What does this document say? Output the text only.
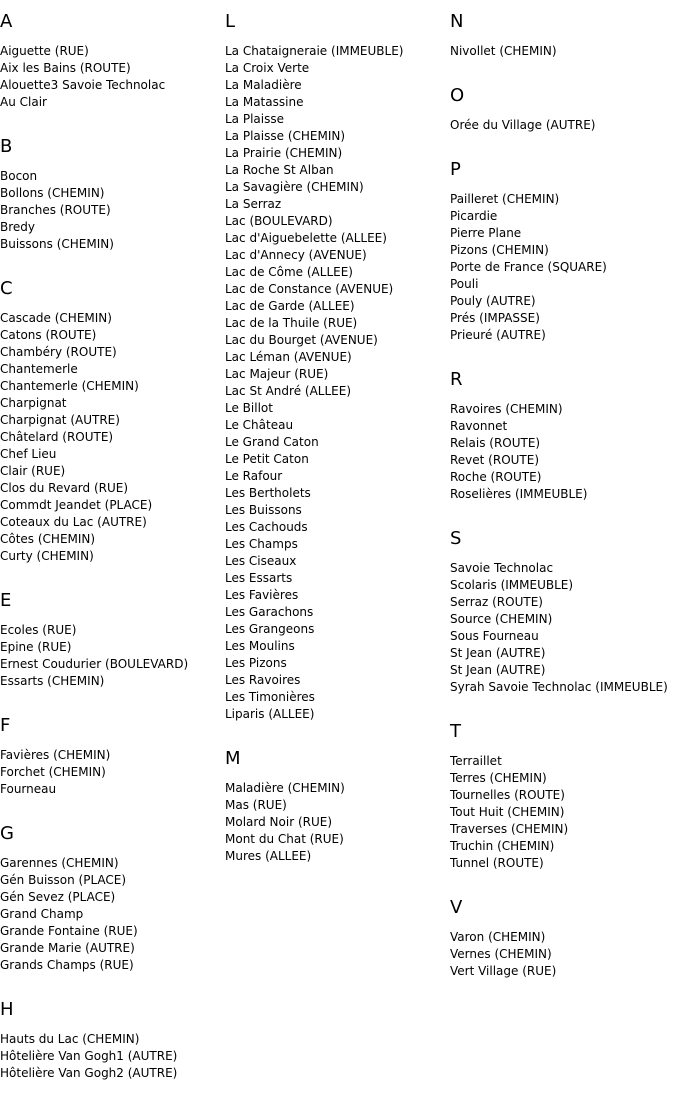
A
Aiguette (RUE)
Aix les Bains (ROUTE)
Alouette3 Savoie Technolac
Au Clair
B
Bocon
Bollons (CHEMIN)
Branches (ROUTE)
Bredy
Buissons (CHEMIN)
C
Cascade (CHEMIN)
Catons (ROUTE)
Chambéry (ROUTE)
Chantemerle
Chantemerle (CHEMIN)
Charpignat
Charpignat (AUTRE)
Châtelard (ROUTE)
Chef Lieu
Clair (RUE)
Clos du Revard (RUE)
Commdt Jeandet (PLACE)
Coteaux du Lac (AUTRE)
Côtes (CHEMIN)
Curty (CHEMIN)
E
Ecoles (RUE)
Epine (RUE)
Ernest Coudurier (BOULEVARD)
Essarts (CHEMIN)
F
Favières (CHEMIN)
Forchet (CHEMIN)
Fourneau
G
Garennes (CHEMIN)
Gén Buisson (PLACE)
Gén Sevez (PLACE)
Grand Champ
Grande Fontaine (RUE)
Grande Marie (AUTRE)
Grands Champs (RUE)
H
Hauts du Lac (CHEMIN)
Hôtelière Van Gogh1 (AUTRE)
Hôtelière Van Gogh2 (AUTRE)
L
La Chataigneraie (IMMEUBLE)
La Croix Verte
La Maladière
La Matassine
La Plaisse
La Plaisse (CHEMIN)
La Prairie (CHEMIN)
La Roche St Alban
La Savagière (CHEMIN)
La Serraz
Lac (BOULEVARD)
Lac d'Aiguebelette (ALLEE)
Lac d'Annecy (AVENUE)
Lac de Côme (ALLEE)
Lac de Constance (AVENUE)
Lac de Garde (ALLEE)
Lac de la Thuile (RUE)
Lac du Bourget (AVENUE)
Lac Léman (AVENUE)
Lac Majeur (RUE)
Lac St André (ALLEE)
Le Billot
Le Château
Le Grand Caton
Le Petit Caton
Le Rafour
Les Bertholets
Les Buissons
Les Cachouds
Les Champs
Les Ciseaux
Les Essarts
Les Favières
Les Garachons
Les Grangeons
Les Moulins
Les Pizons
Les Ravoires
Les Timonières
Liparis (ALLEE)
M
Maladière (CHEMIN)
Mas (RUE)
Molard Noir (RUE)
Mont du Chat (RUE)
Mures (ALLEE)
N
Nivollet (CHEMIN)
O
Orée du Village (AUTRE)
P
Pailleret (CHEMIN)
Picardie
Pierre Plane
Pizons (CHEMIN)
Porte de France (SQUARE)
Pouli
Pouly (AUTRE)
Prés (IMPASSE)
Prieuré (AUTRE)
R
Ravoires (CHEMIN)
Ravonnet
Relais (ROUTE)
Revet (ROUTE)
Roche (ROUTE)
Roselières (IMMEUBLE)
S
Savoie Technolac
Scolaris (IMMEUBLE)
Serraz (ROUTE)
Source (CHEMIN)
Sous Fourneau
St Jean (AUTRE)
St Jean (AUTRE)
Syrah Savoie Technolac (IMMEUBLE)
T
Terraillet
Terres (CHEMIN)
Tournelles (ROUTE)
Tout Huit (CHEMIN)
Traverses (CHEMIN)
Truchin (CHEMIN)
Tunnel (ROUTE)
V
Varon (CHEMIN)
Vernes (CHEMIN)
Vert Village (RUE)
